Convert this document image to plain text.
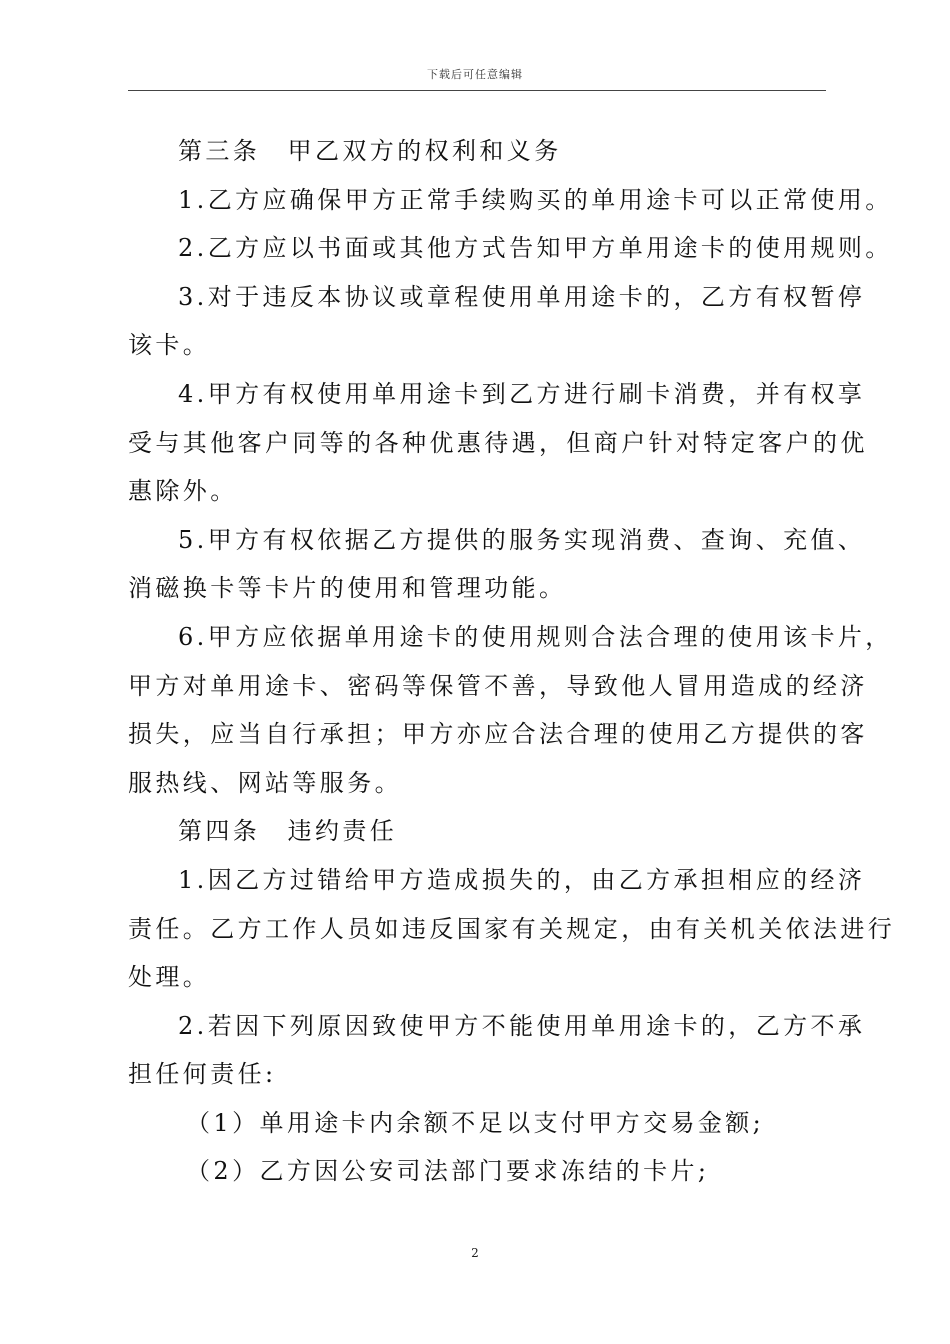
下载后可任意编辑
第三条　甲乙双方的权利和义务
1.乙方应确保甲方正常手续购买的单用途卡可以正常使用。
2.乙方应以书面或其他方式告知甲方单用途卡的使用规则。
3.对于违反本协议或章程使用单用途卡的，乙方有权暂停
该卡。
4.甲方有权使用单用途卡到乙方进行刷卡消费，并有权享
受与其他客户同等的各种优惠待遇，但商户针对特定客户的优
惠除外。
5.甲方有权依据乙方提供的服务实现消费、查询、充值、
消磁换卡等卡片的使用和管理功能。
6.甲方应依据单用途卡的使用规则合法合理的使用该卡片，
甲方对单用途卡、密码等保管不善，导致他人冒用造成的经济
损失，应当自行承担；甲方亦应合法合理的使用乙方提供的客
服热线、网站等服务。
第四条　违约责任
1.因乙方过错给甲方造成损失的，由乙方承担相应的经济
责任。乙方工作人员如违反国家有关规定，由有关机关依法进行
处理。
2.若因下列原因致使甲方不能使用单用途卡的，乙方不承
担任何责任:
（1）单用途卡内余额不足以支付甲方交易金额;
（2）乙方因公安司法部门要求冻结的卡片;
2
